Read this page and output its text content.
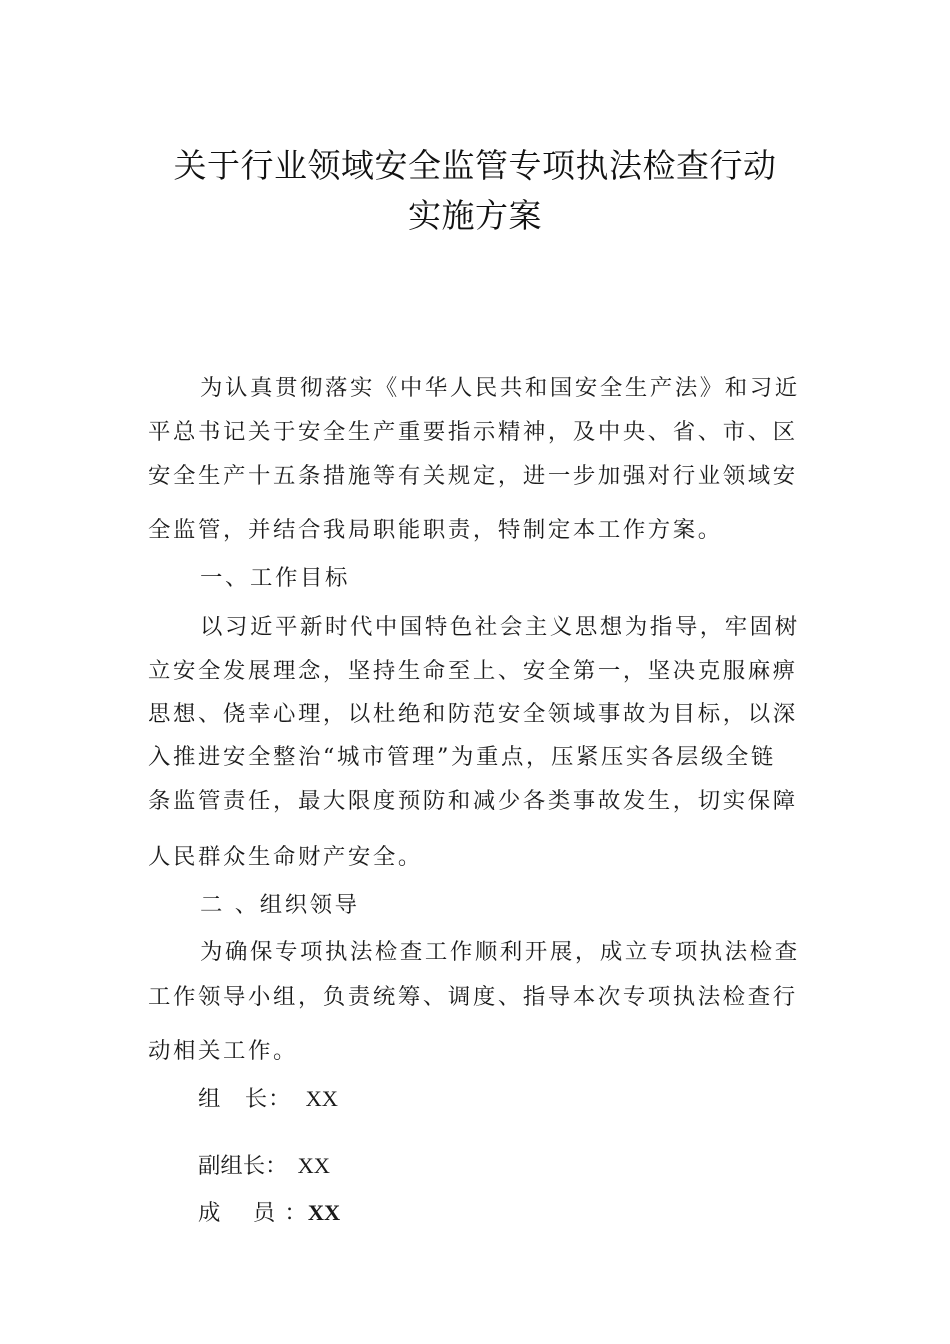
关于行业领域安全监管专项执法检查行动
实施方案
为认真贯彻落实《中华人民共和国安全生产法》和习近
平总书记关于安全生产重要指示精神，及中央、省、市、区
安全生产十五条措施等有关规定，进一步加强对行业领域安
全监管，并结合我局职能职责，特制定本工作方案。
一、工作目标
以习近平新时代中国特色社会主义思想为指导，牢固树
立安全发展理念，坚持生命至上、安全第一，坚决克服麻痹
思想、侥幸心理，以杜绝和防范安全领域事故为目标，以深
入推进安全整治“城市管理”为重点，压紧压实各层级全链
条监管责任，最大限度预防和减少各类事故发生，切实保障
人民群众生命财产安全。
二 、组织领导
为确保专项执法检查工作顺利开展，成立专项执法检查
工作领导小组，负责统筹、调度、指导本次专项执法检查行
动相关工作。
组　长： XX
副组长： XX
成　 员 ：XX
